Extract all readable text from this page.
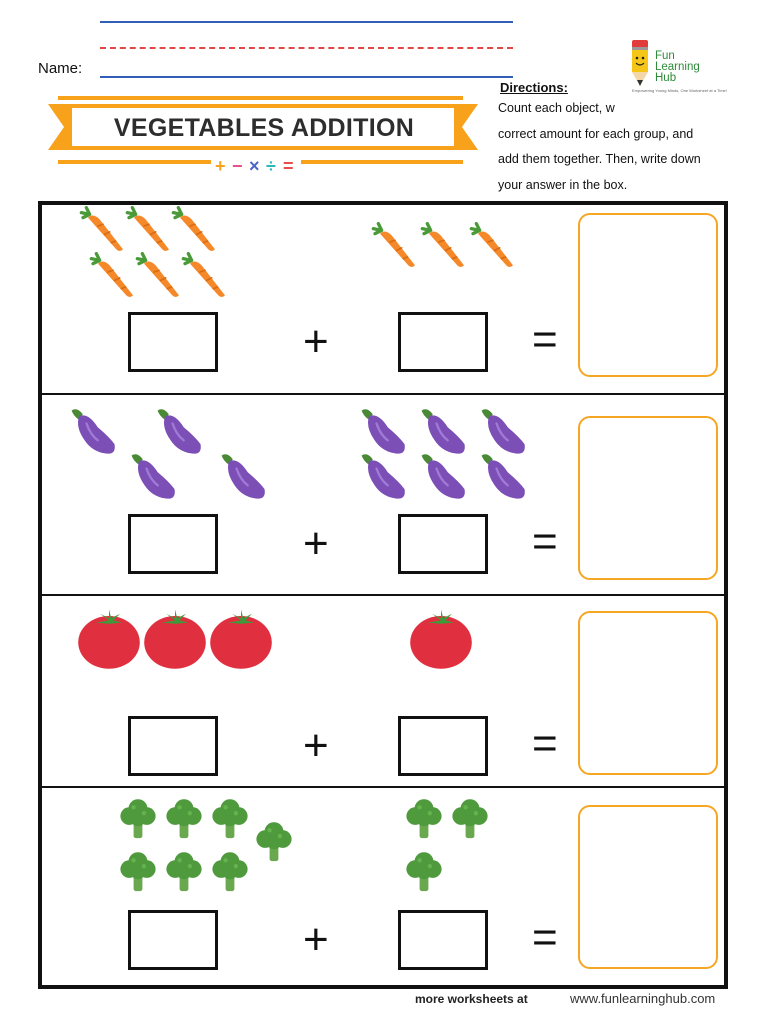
Name:
VEGETABLES ADDITION
+ − × ÷ =
Fun
Learning
Hub
Empowering Young Minds, One Worksheet at a Time!
Directions:
Count each object, w
correct amount for each group, and
add them together. Then, write down
your answer in the box.
more worksheets at	www.funlearninghub.com
+	=
+	=
+	=
+	=
